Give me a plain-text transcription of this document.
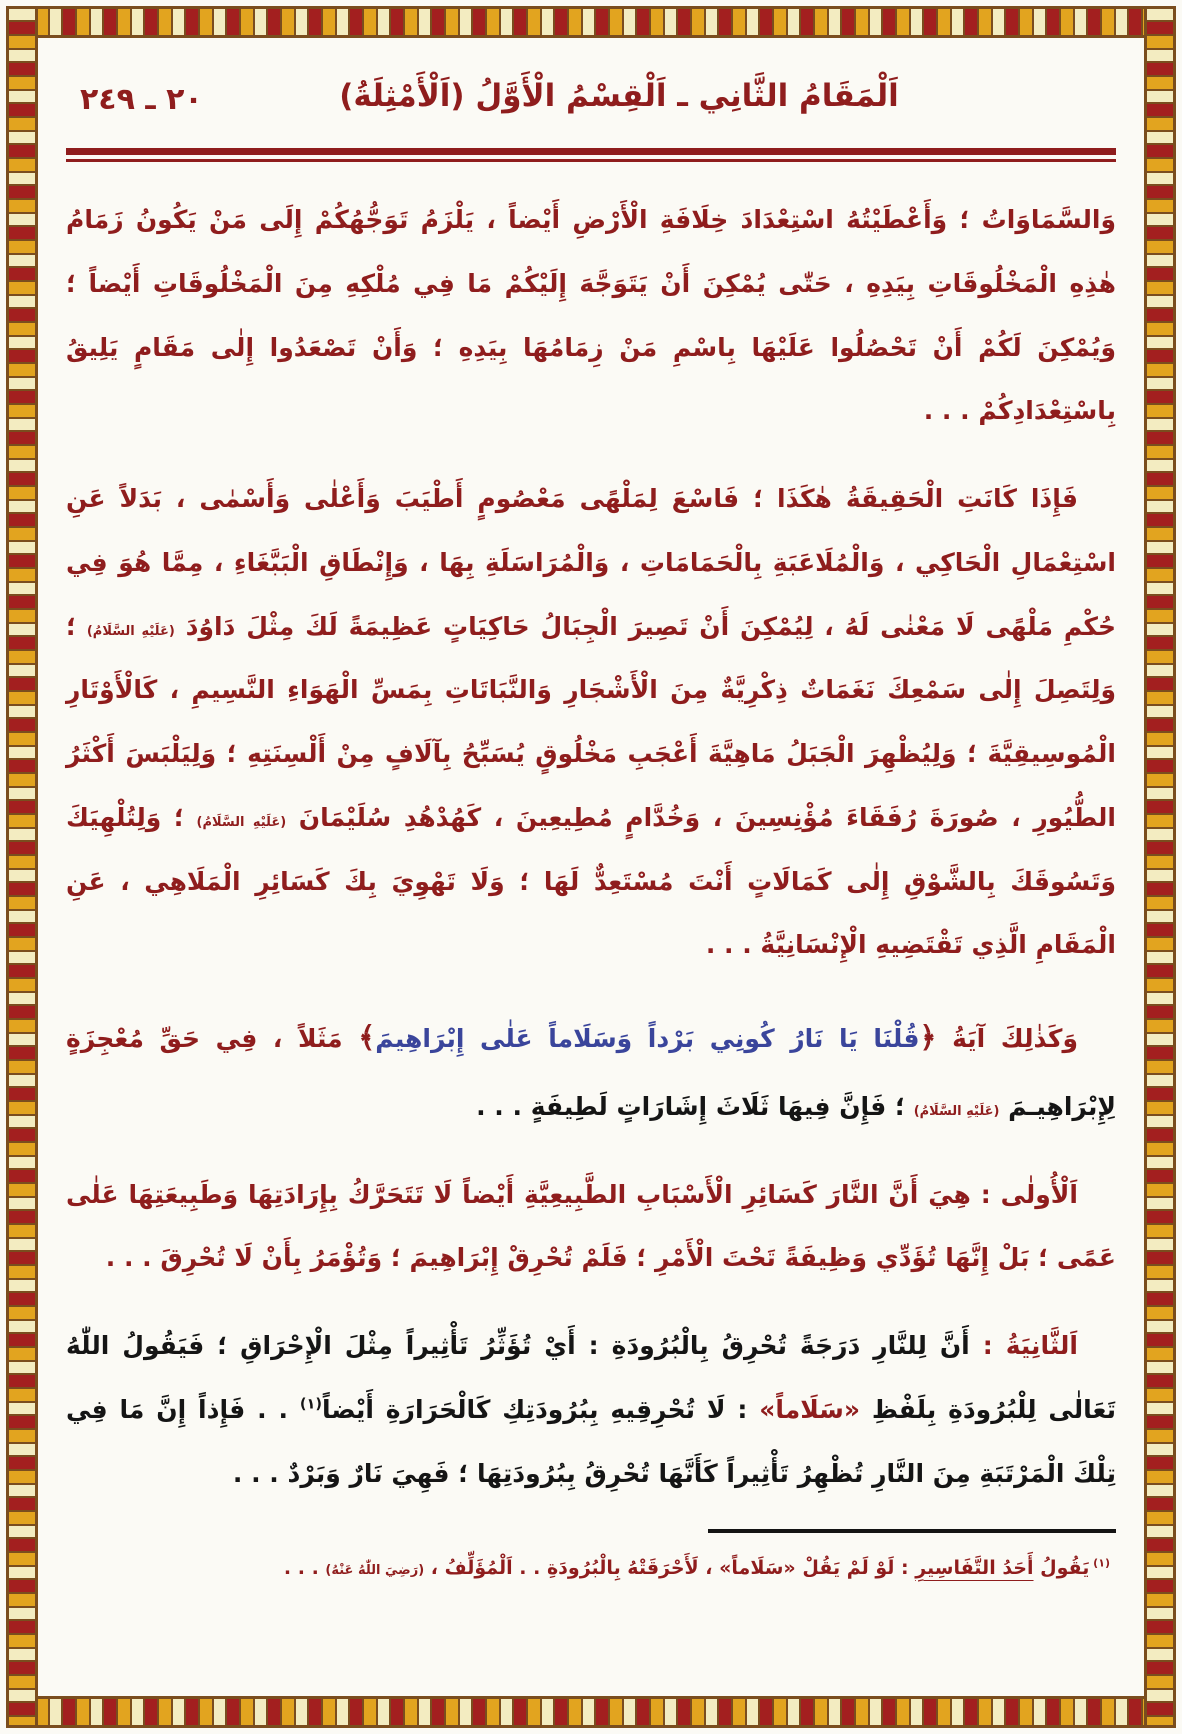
اَلْمَقَامُ الثَّانِي ـ اَلْقِسْمُ الْأَوَّلُ (اَلْأَمْثِلَةُ)
٢٠ ـ ٢٤٩

وَالسَّمَاوَاتُ ؛ وَأَعْطَيْتُهُ اسْتِعْدَادَ خِلَافَةِ الْأَرْضِ أَيْضاً ، يَلْزَمُ تَوَجُّهُكُمْ إِلَى مَنْ يَكُونُ زَمَامُ هٰذِهِ الْمَخْلُوقَاتِ بِيَدِهِ ، حَتّٰى يُمْكِنَ أَنْ يَتَوَجَّهَ إِلَيْكُمْ مَا فِي مُلْكِهِ مِنَ الْمَخْلُوقَاتِ أَيْضاً ؛ وَيُمْكِنَ لَكُمْ أَنْ تَحْصُلُوا عَلَيْهَا بِاسْمِ مَنْ زِمَامُهَا بِيَدِهِ ؛ وَأَنْ تَصْعَدُوا إِلٰى مَقَامٍ يَلِيقُ بِاسْتِعْدَادِكُمْ . . .

فَإِذَا كَانَتِ الْحَقِيقَةُ هٰكَذَا ؛ فَاسْعَ لِمَلْهًى مَعْصُومٍ أَطْيَبَ وَأَعْلٰى وَأَسْمٰى ، بَدَلاً عَنِ اسْتِعْمَالِ الْحَاكِي ، وَالْمُلَاعَبَةِ بِالْحَمَامَاتِ ، وَالْمُرَاسَلَةِ بِهَا ، وَإِنْطَاقِ الْبَبَّغَاءِ ، مِمَّا هُوَ فِي حُكْمِ مَلْهًى لَا مَعْنٰى لَهُ ، لِيُمْكِنَ أَنْ تَصِيرَ الْجِبَالُ حَاكِيَاتٍ عَظِيمَةً لَكَ مِثْلَ دَاوُدَ (عَلَيْهِ السَّلَامُ) ؛ وَلِتَصِلَ إِلٰى سَمْعِكَ نَغَمَاتٌ ذِكْرِيَّةٌ مِنَ الْأَشْجَارِ وَالنَّبَاتَاتِ بِمَسِّ الْهَوَاءِ النَّسِيمِ ، كَالْأَوْتَارِ الْمُوسِيقِيَّةَ ؛ وَلِيُظْهِرَ الْجَبَلُ مَاهِيَّةَ أَعْجَبِ مَخْلُوقٍ يُسَبِّحُ بِآلَافٍ مِنْ أَلْسِنَتِهِ ؛ وَلِيَلْبَسَ أَكْثَرُ الطُّيُورِ ، صُورَةَ رُفَقَاءَ مُؤْنِسِينَ ، وَخُدَّامٍ مُطِيعِينَ ، كَهُدْهُدِ سُلَيْمَانَ (عَلَيْهِ السَّلَامُ) ؛ وَلِتُلْهِيَكَ وَتَسُوقَكَ بِالشَّوْقِ إِلٰى كَمَالَاتٍ أَنْتَ مُسْتَعِدٌّ لَهَا ؛ وَلَا تَهْوِيَ بِكَ كَسَائِرِ الْمَلَاهِي ، عَنِ الْمَقَامِ الَّذِي تَقْتَضِيهِ الْإِنْسَانِيَّةُ . . .

وَكَذٰلِكَ آيَةُ ﴿قُلْنَا يَا نَارُ كُونِي بَرْداً وَسَلَاماً عَلٰى إِبْرَاهِيمَ﴾ مَثَلاً ، فِي حَقِّ مُعْجِزَةٍ لِإِبْرَاهِيـمَ (عَلَيْهِ السَّلَامُ) ؛ فَإِنَّ فِيهَا ثَلَاثَ إِشَارَاتٍ لَطِيفَةٍ . . .

اَلْأُولٰى : هِيَ أَنَّ النَّارَ كَسَائِرِ الْأَسْبَابِ الطَّبِيعِيَّةِ أَيْضاً لَا تَتَحَرَّكُ بِإِرَادَتِهَا وَطَبِيعَتِهَا عَلٰى عَمًى ؛ بَلْ إِنَّهَا تُؤَدِّي وَظِيفَةً تَحْتَ الْأَمْرِ ؛ فَلَمْ تُحْرِقْ إِبْرَاهِيمَ ؛ وَتُؤْمَرُ بِأَنْ لَا تُحْرِقَ . . .

اَلثَّانِيَةُ : أَنَّ لِلنَّارِ دَرَجَةً تُحْرِقُ بِالْبُرُودَةِ : أَيْ تُؤَثِّرُ تَأْثِيراً مِثْلَ الْإِحْرَاقِ ؛ فَيَقُولُ اللّٰهُ تَعَالٰى لِلْبُرُودَةِ بِلَفْظِ «سَلَاماً» : لَا تُحْرِقِيهِ بِبُرُودَتِكِ كَالْحَرَارَةِ أَيْضاً$^{(١)}$ . . فَإِذاً إِنَّ مَا فِي تِلْكَ الْمَرْتَبَةِ مِنَ النَّارِ تُظْهِرُ تَأْثِيراً كَأَنَّهَا تُحْرِقُ بِبُرُودَتِهَا ؛ فَهِيَ نَارٌ وَبَرْدٌ . . .

$^{(١)}$ يَقُولُ أَحَدُ التَّفَاسِيرِ : لَوْ لَمْ يَقُلْ «سَلَاماً» ، لَأَحْرَقَتْهُ بِالْبُرُودَةِ . . اَلْمُؤَلِّفُ ، (رَضِيَ اللّٰهُ عَنْهُ) . . .
